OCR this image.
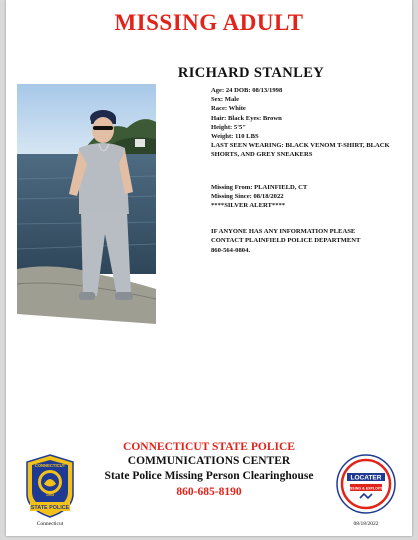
MISSING ADULT
RICHARD STANLEY
Age: 24 DOB: 08/13/1998
Sex: Male
Race: White
Hair: Black Eyes: Brown
Height: 5'5"
Weight: 110 LBS
LAST SEEN WEARING: BLACK VENOM T-SHIRT, BLACK SHORTS, AND GREY SNEAKERS
Missing From: PLAINFIELD, CT
Missing Since: 08/18/2022
****SILVER ALERT****
IF ANYONE HAS ANY INFORMATION PLEASE
CONTACT PLAINFIELD POLICE DEPARTMENT
860-564-0804.
CONNECTICUT STATE POLICE
COMMUNICATIONS CENTER
State Police Missing Person Clearinghouse
860-685-8190
CONNECTICUT
1903
STATE POLICE
Connecticut
LOCATER
MISSING & EXPLOITED
08/18/2022
